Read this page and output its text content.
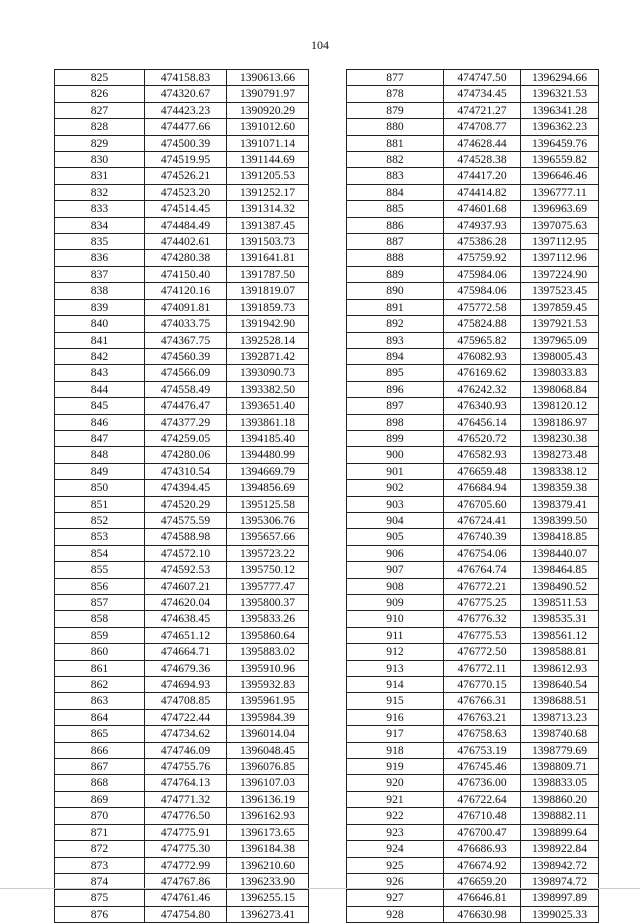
104
825	474158.83	1390613.66
826	474320.67	1390791.97
827	474423.23	1390920.29
828	474477.66	1391012.60
829	474500.39	1391071.14
830	474519.95	1391144.69
831	474526.21	1391205.53
832	474523.20	1391252.17
833	474514.45	1391314.32
834	474484.49	1391387.45
835	474402.61	1391503.73
836	474280.38	1391641.81
837	474150.40	1391787.50
838	474120.16	1391819.07
839	474091.81	1391859.73
840	474033.75	1391942.90
841	474367.75	1392528.14
842	474560.39	1392871.42
843	474566.09	1393090.73
844	474558.49	1393382.50
845	474476.47	1393651.40
846	474377.29	1393861.18
847	474259.05	1394185.40
848	474280.06	1394480.99
849	474310.54	1394669.79
850	474394.45	1394856.69
851	474520.29	1395125.58
852	474575.59	1395306.76
853	474588.98	1395657.66
854	474572.10	1395723.22
855	474592.53	1395750.12
856	474607.21	1395777.47
857	474620.04	1395800.37
858	474638.45	1395833.26
859	474651.12	1395860.64
860	474664.71	1395883.02
861	474679.36	1395910.96
862	474694.93	1395932.83
863	474708.85	1395961.95
864	474722.44	1395984.39
865	474734.62	1396014.04
866	474746.09	1396048.45
867	474755.76	1396076.85
868	474764.13	1396107.03
869	474771.32	1396136.19
870	474776.50	1396162.93
871	474775.91	1396173.65
872	474775.30	1396184.38
873	474772.99	1396210.60
874	474767.86	1396233.90
875	474761.46	1396255.15
876	474754.80	1396273.41
877	474747.50	1396294.66
878	474734.45	1396321.53
879	474721.27	1396341.28
880	474708.77	1396362.23
881	474628.44	1396459.76
882	474528.38	1396559.82
883	474417.20	1396646.46
884	474414.82	1396777.11
885	474601.68	1396963.69
886	474937.93	1397075.63
887	475386.28	1397112.95
888	475759.92	1397112.96
889	475984.06	1397224.90
890	475984.06	1397523.45
891	475772.58	1397859.45
892	475824.88	1397921.53
893	475965.82	1397965.09
894	476082.93	1398005.43
895	476169.62	1398033.83
896	476242.32	1398068.84
897	476340.93	1398120.12
898	476456.14	1398186.97
899	476520.72	1398230.38
900	476582.93	1398273.48
901	476659.48	1398338.12
902	476684.94	1398359.38
903	476705.60	1398379.41
904	476724.41	1398399.50
905	476740.39	1398418.85
906	476754.06	1398440.07
907	476764.74	1398464.85
908	476772.21	1398490.52
909	476775.25	1398511.53
910	476776.32	1398535.31
911	476775.53	1398561.12
912	476772.50	1398588.81
913	476772.11	1398612.93
914	476770.15	1398640.54
915	476766.31	1398688.51
916	476763.21	1398713.23
917	476758.63	1398740.68
918	476753.19	1398779.69
919	476745.46	1398809.71
920	476736.00	1398833.05
921	476722.64	1398860.20
922	476710.48	1398882.11
923	476700.47	1398899.64
924	476686.93	1398922.84
925	476674.92	1398942.72
926	476659.20	1398974.72
927	476646.81	1398997.89
928	476630.98	1399025.33
